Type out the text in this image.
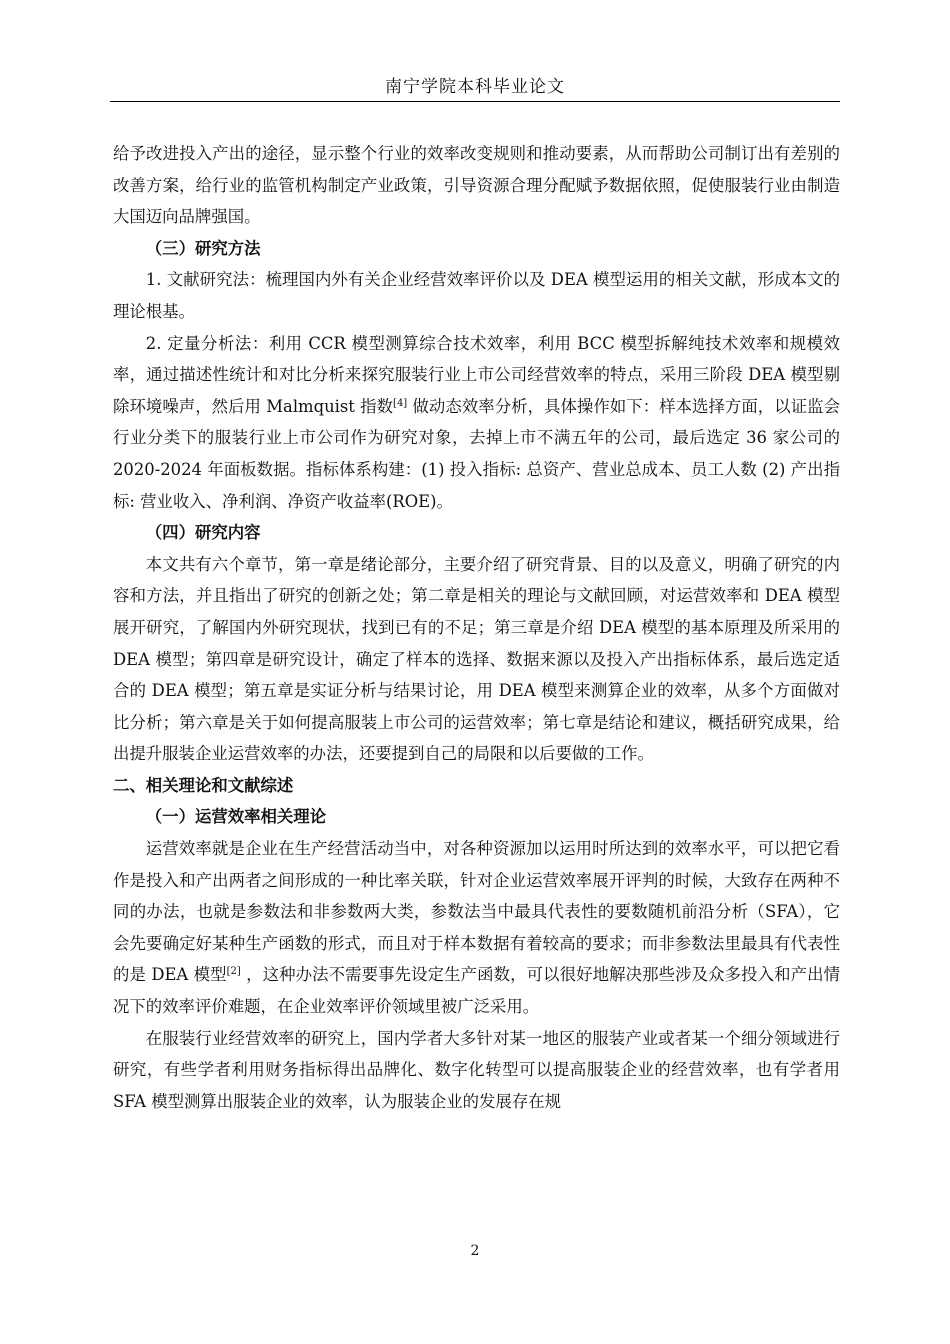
南宁学院本科毕业论文

给予改进投入产出的途径，显示整个行业的效率改变规则和推动要素，从而帮助公司制订出有差别的改善方案，给行业的监管机构制定产业政策，引导资源合理分配赋予数据依照，促使服装行业由制造大国迈向品牌强国。

（三）研究方法

1. 文献研究法：梳理国内外有关企业经营效率评价以及 DEA 模型运用的相关文献，形成本文的理论根基。

2. 定量分析法：利用 CCR 模型测算综合技术效率，利用 BCC 模型拆解纯技术效率和规模效率，通过描述性统计和对比分析来探究服装行业上市公司经营效率的特点，采用三阶段 DEA 模型剔除环境噪声，然后用 Malmquist 指数[4] 做动态效率分析，具体操作如下：样本选择方面，以证监会行业分类下的服装行业上市公司作为研究对象，去掉上市不满五年的公司，最后选定 36 家公司的 2020-2024 年面板数据。指标体系构建：(1) 投入指标: 总资产、营业总成本、员工人数 (2) 产出指标: 营业收入、净利润、净资产收益率(ROE)。

（四）研究内容

本文共有六个章节，第一章是绪论部分，主要介绍了研究背景、目的以及意义，明确了研究的内容和方法，并且指出了研究的创新之处；第二章是相关的理论与文献回顾，对运营效率和 DEA 模型展开研究，了解国内外研究现状，找到已有的不足；第三章是介绍 DEA 模型的基本原理及所采用的 DEA 模型；第四章是研究设计，确定了样本的选择、数据来源以及投入产出指标体系，最后选定适合的 DEA 模型；第五章是实证分析与结果讨论，用 DEA 模型来测算企业的效率，从多个方面做对比分析；第六章是关于如何提高服装上市公司的运营效率；第七章是结论和建议，概括研究成果，给出提升服装企业运营效率的办法，还要提到自己的局限和以后要做的工作。

二、相关理论和文献综述

（一）运营效率相关理论

运营效率就是企业在生产经营活动当中，对各种资源加以运用时所达到的效率水平，可以把它看作是投入和产出两者之间形成的一种比率关联，针对企业运营效率展开评判的时候，大致存在两种不同的办法，也就是参数法和非参数两大类，参数法当中最具代表性的要数随机前沿分析（SFA），它会先要确定好某种生产函数的形式，而且对于样本数据有着较高的要求；而非参数法里最具有代表性的是 DEA 模型[2] ，这种办法不需要事先设定生产函数，可以很好地解决那些涉及众多投入和产出情况下的效率评价难题，在企业效率评价领域里被广泛采用。

在服装行业经营效率的研究上，国内学者大多针对某一地区的服装产业或者某一个细分领域进行研究，有些学者利用财务指标得出品牌化、数字化转型可以提高服装企业的经营效率，也有学者用 SFA 模型测算出服装企业的效率，认为服装企业的发展存在规

2
